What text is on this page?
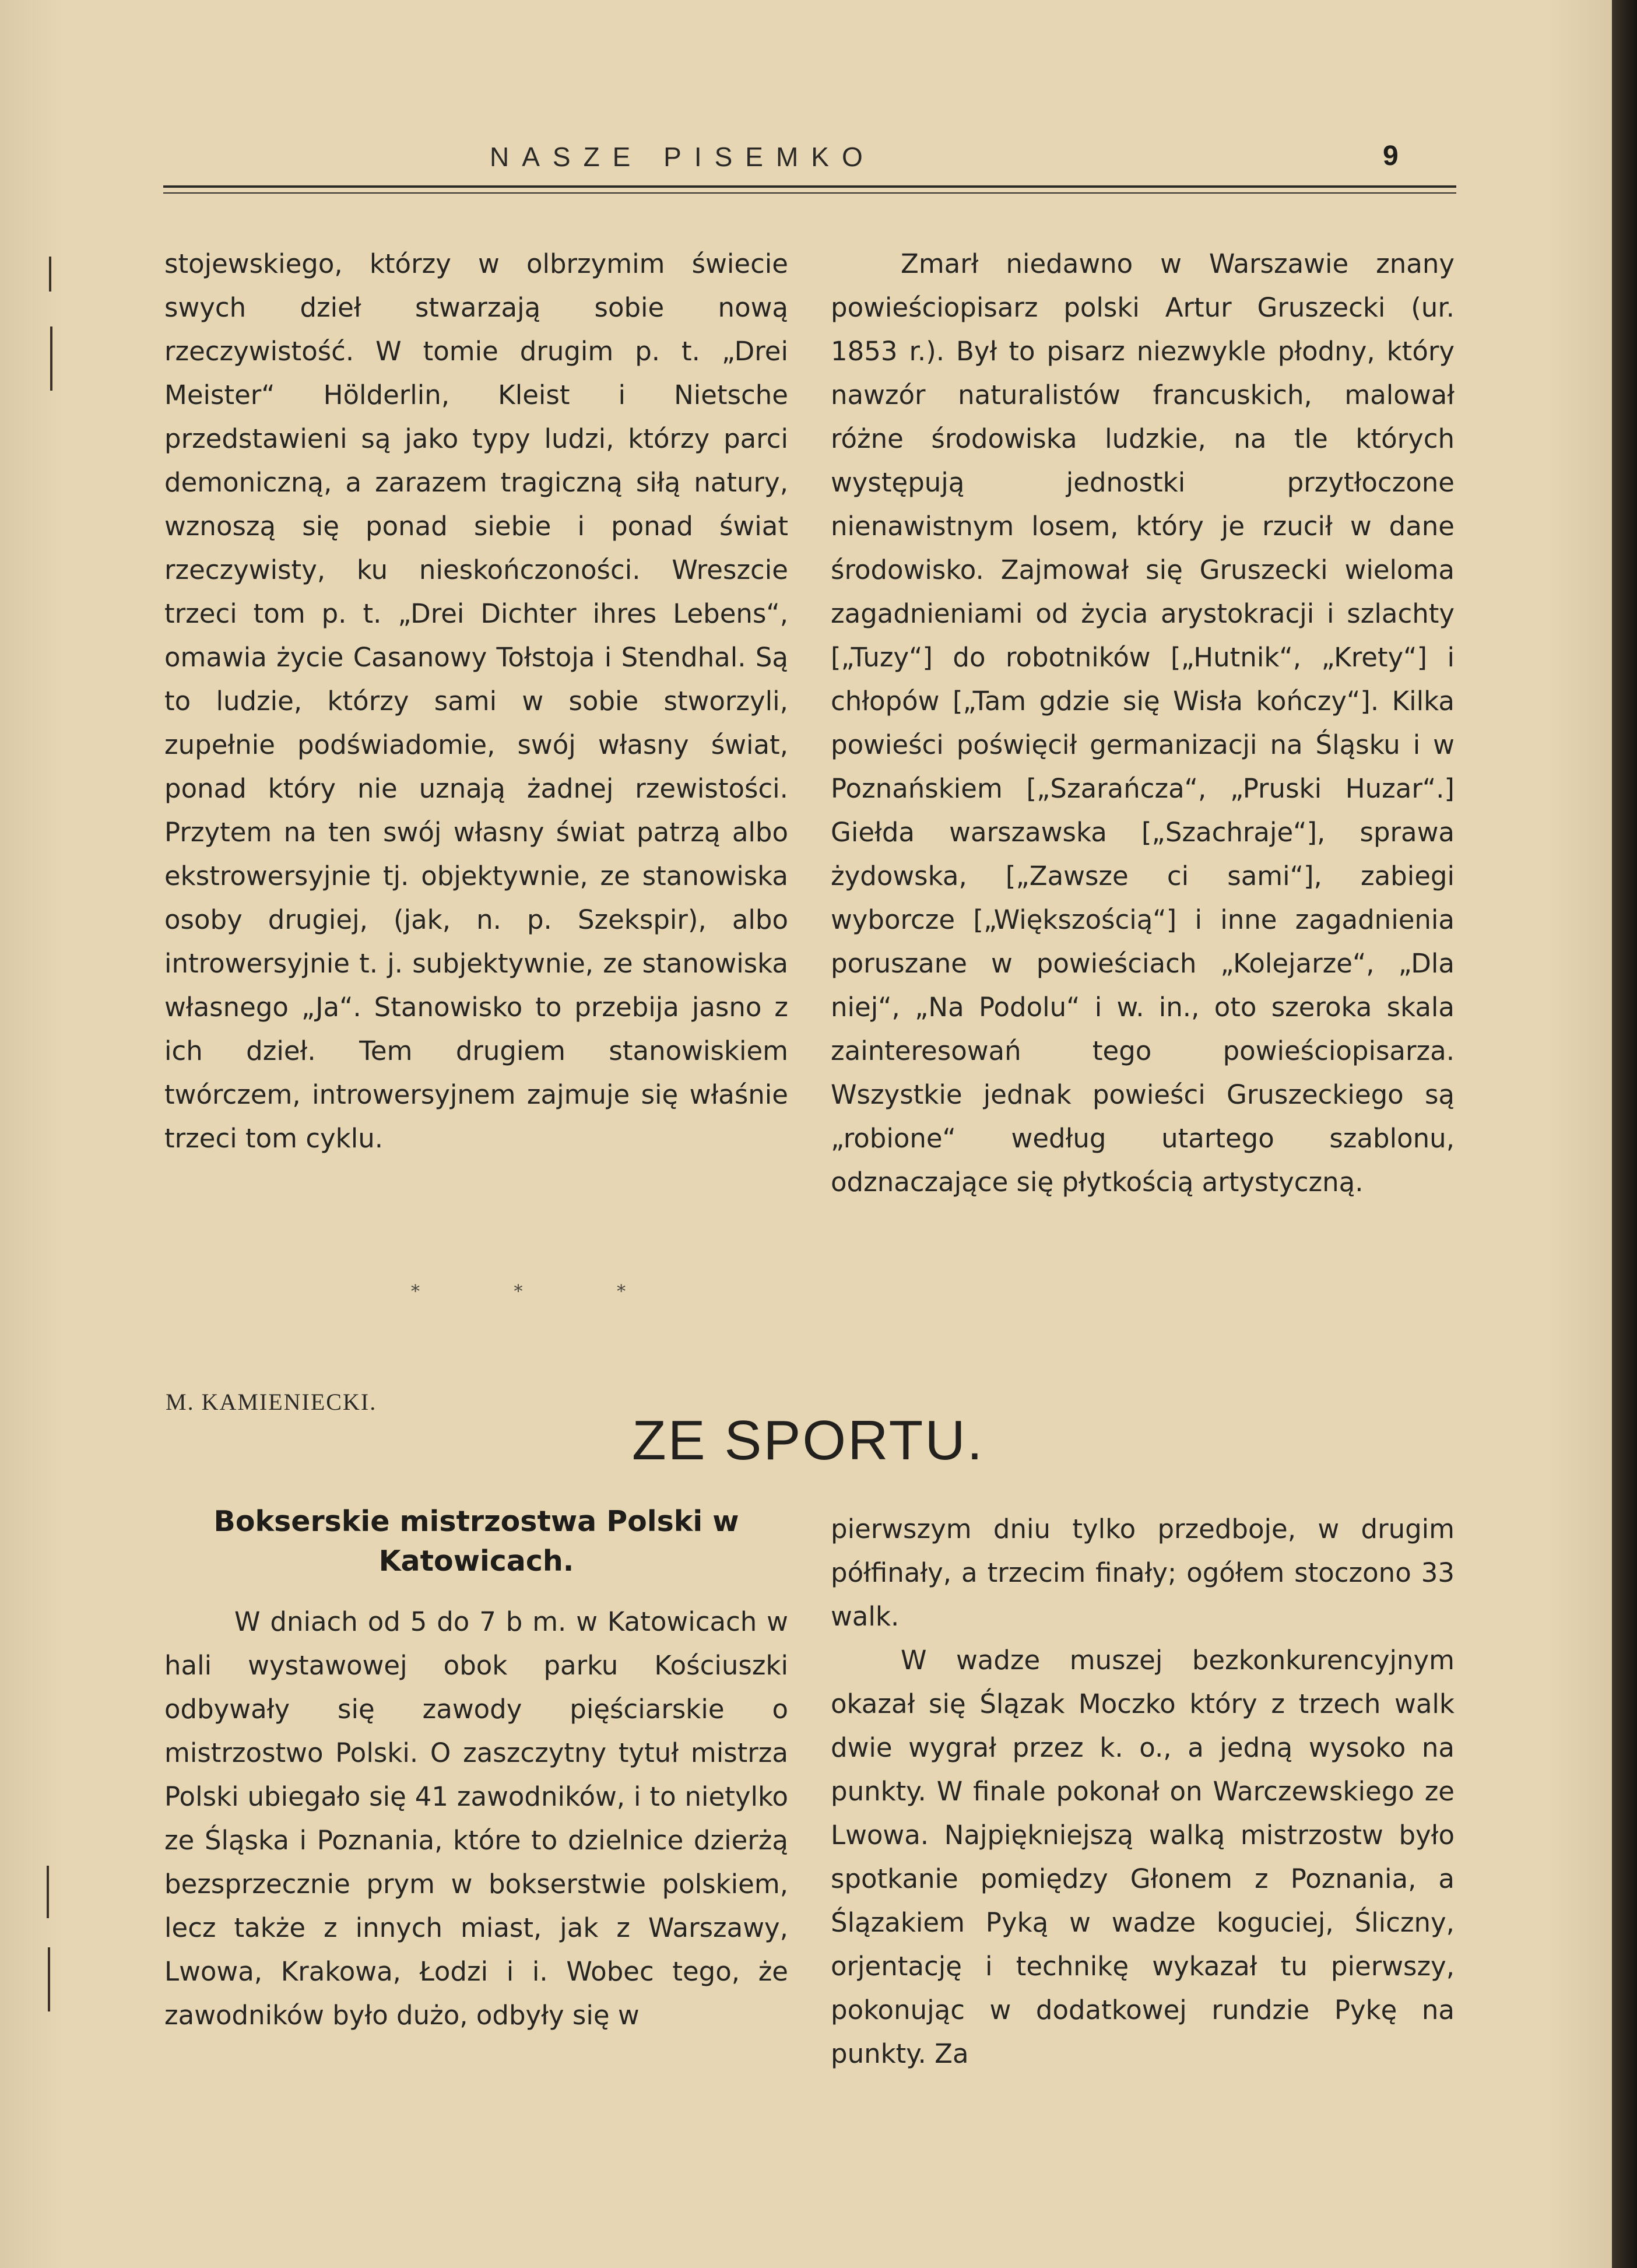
NASZE PISEMKO	9

stojewskiego, którzy w olbrzymim świecie swych dzieł stwarzają sobie nową rzeczywistość. W tomie drugim p. t. „Drei Meister“ Hölderlin, Kleist i Nietsche przedstawieni są jako typy ludzi, którzy parci demoniczną, a zarazem tragiczną siłą natury, wznoszą się ponad siebie i ponad świat rzeczywisty, ku nieskończoności. Wreszcie trzeci tom p. t. „Drei Dichter ihres Lebens“, omawia życie Casanowy Tołstoja i Stendhal. Są to ludzie, którzy sami w sobie stworzyli, zupełnie podświadomie, swój własny świat, ponad który nie uznają żadnej rzewistości. Przytem na ten swój własny świat patrzą albo ekstrowersyjnie tj. objektywnie, ze stanowiska osoby drugiej, (jak, n. p. Szekspir), albo introwersyjnie t. j. subjektywnie, ze stanowiska własnego „Ja“. Stanowisko to przebija jasno z ich dzieł. Tem drugiem stanowiskiem twórczem, introwersyjnem zajmuje się właśnie trzeci tom cyklu.

* * *

Zmarł niedawno w Warszawie znany powieściopisarz polski Artur Gruszecki (ur. 1853 r.). Był to pisarz niezwykle płodny, który nawzór naturalistów francuskich, malował różne środowiska ludzkie, na tle których występują jednostki przytłoczone nienawistnym losem, który je rzucił w dane środowisko. Zajmował się Gruszecki wieloma zagadnieniami od życia arystokracji i szlachty [„Tuzy“] do robotników [„Hutnik“, „Krety“] i chłopów [„Tam gdzie się Wisła kończy“]. Kilka powieści poświęcił germanizacji na Śląsku i w Poznańskiem [„Szarańcza“, „Pruski Huzar“.] Giełda warszawska [„Szachraje“], sprawa żydowska, [„Zawsze ci sami“], zabiegi wyborcze [„Większością“] i inne zagadnienia poruszane w powieściach „Kolejarze“, „Dla niej“, „Na Podolu“ i w. in., oto szeroka skala zainteresowań tego powieściopisarza. Wszystkie jednak powieści Gruszeckiego są „robione“ według utartego szablonu, odznaczające się płytkością artystyczną.

M. KAMIENIECKI.
ZE SPORTU.
Bokserskie mistrzostwa Polski w Katowicach.

W dniach od 5 do 7 b m. w Katowicach w hali wystawowej obok parku Kościuszki odbywały się zawody pięściarskie o mistrzostwo Polski. O zaszczytny tytuł mistrza Polski ubiegało się 41 zawodników, i to nietylko ze Śląska i Poznania, które to dzielnice dzierżą bezsprzecznie prym w bokserstwie polskiem, lecz także z innych miast, jak z Warszawy, Lwowa, Krakowa, Łodzi i i. Wobec tego, że zawodników było dużo, odbyły się w

pierwszym dniu tylko przedboje, w drugim półfinały, a trzecim finały; ogółem stoczono 33 walk.

W wadze muszej bezkonkurencyjnym okazał się Ślązak Moczko który z trzech walk dwie wygrał przez k. o., a jedną wysoko na punkty. W finale pokonał on Warczewskiego ze Lwowa. Najpiękniejszą walką mistrzostw było spotkanie pomiędzy Głonem z Poznania, a Ślązakiem Pyką w wadze koguciej, Śliczny, orjentację i technikę wykazał tu pierwszy, pokonując w dodatkowej rundzie Pykę na punkty. Za
